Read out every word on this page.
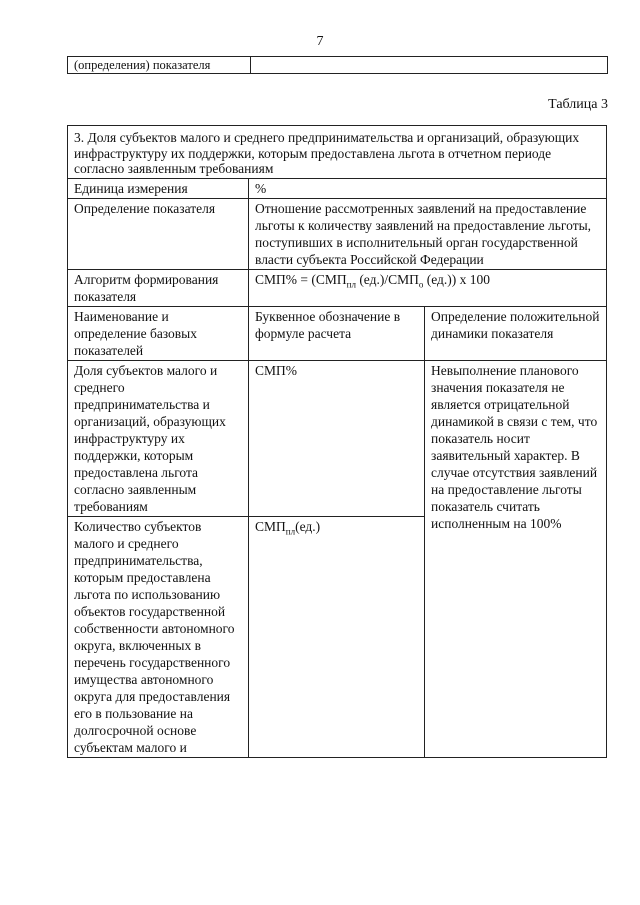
7
(определения) показателя	
Таблица 3

3. Доля субъектов малого и среднего предпринимательства и организаций, образующих инфраструктуру их поддержки, которым предоставлена льгота в отчетном периоде согласно заявленным требованиям		
Единица измерения	%	
Определение показателя	Отношение рассмотренных заявлений на предоставление льготы к количеству заявлений на предоставление льготы, поступивших в исполнительный орган государственной власти субъекта Российской Федерации	
Алгоритм формирования показателя	$СМП\% = (СМП_{пл}$ $(ед.)/СМП_о$ (ед.)) x 100	
Наименование и определение базовых показателей	Буквенное обозначение в формуле расчета	Определение положительной динамики показателя
Доля субъектов малого и среднего предпринимательства и организаций, образующих инфраструктуру их поддержки, которым предоставлена льгота согласно заявленным требованиям	СМП%	Невыполнение планового значения показателя не является отрицательной динамикой в связи с тем, что показатель носит заявительный характер. В случае отсутствия заявлений на предоставление льготы показатель считать исполненным на 100%
Количество субъектов малого и среднего предпринимательства, которым предоставлена льгота по использованию объектов государственной собственности автономного округа, включенных в перечень государственного имущества автономного округа для предоставления его в пользование на долгосрочной основе субъектам малого и	$СМП_{пл}(ед.)$	
